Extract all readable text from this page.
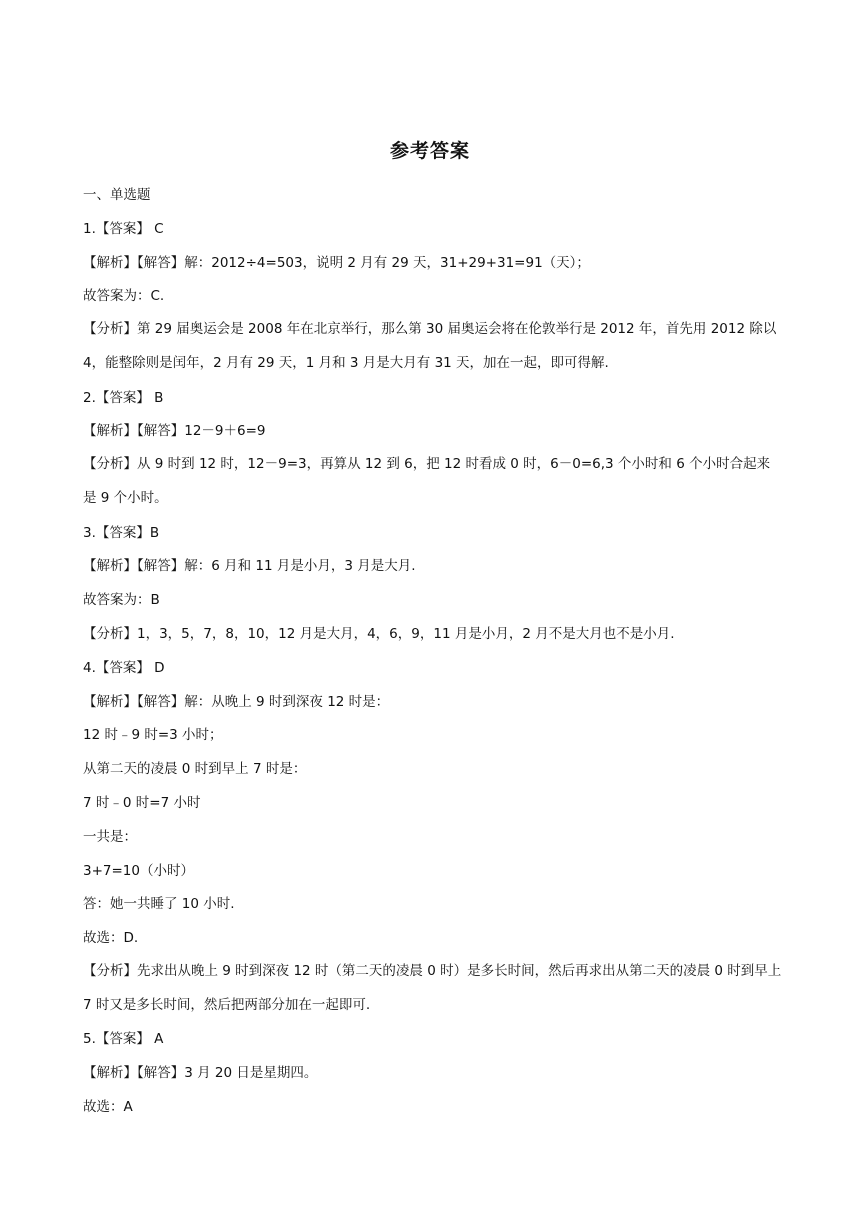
参考答案
一、单选题
1.【答案】 C
【解析】【解答】解：2012÷4=503，说明 2 月有 29 天，31+29+31=91（天）；
故答案为：C.
【分析】第 29 届奥运会是 2008 年在北京举行，那么第 30 届奥运会将在伦敦举行是 2012 年，首先用 2012 除以 4，能整除则是闰年，2 月有 29 天，1 月和 3 月是大月有 31 天，加在一起，即可得解.
2.【答案】 B
【解析】【解答】12－9＋6=9
【分析】从 9 时到 12 时，12－9=3，再算从 12 到 6，把 12 时看成 0 时，6－0=6,3 个小时和 6 个小时合起来是 9 个小时。
3.【答案】B
【解析】【解答】解：6 月和 11 月是小月，3 月是大月.
故答案为：B
【分析】1，3，5，7，8，10，12 月是大月，4，6，9，11 月是小月，2 月不是大月也不是小月.
4.【答案】 D
【解析】【解答】解：从晚上 9 时到深夜 12 时是：
12 时﹣9 时=3 小时；
从第二天的凌晨 0 时到早上 7 时是：
7 时﹣0 时=7 小时
一共是：
3+7=10（小时）
答：她一共睡了 10 小时.
故选：D.
【分析】先求出从晚上 9 时到深夜 12 时（第二天的凌晨 0 时）是多长时间，然后再求出从第二天的凌晨 0 时到早上 7 时又是多长时间，然后把两部分加在一起即可.
5.【答案】 A
【解析】【解答】3 月 20 日是星期四。
故选：A
